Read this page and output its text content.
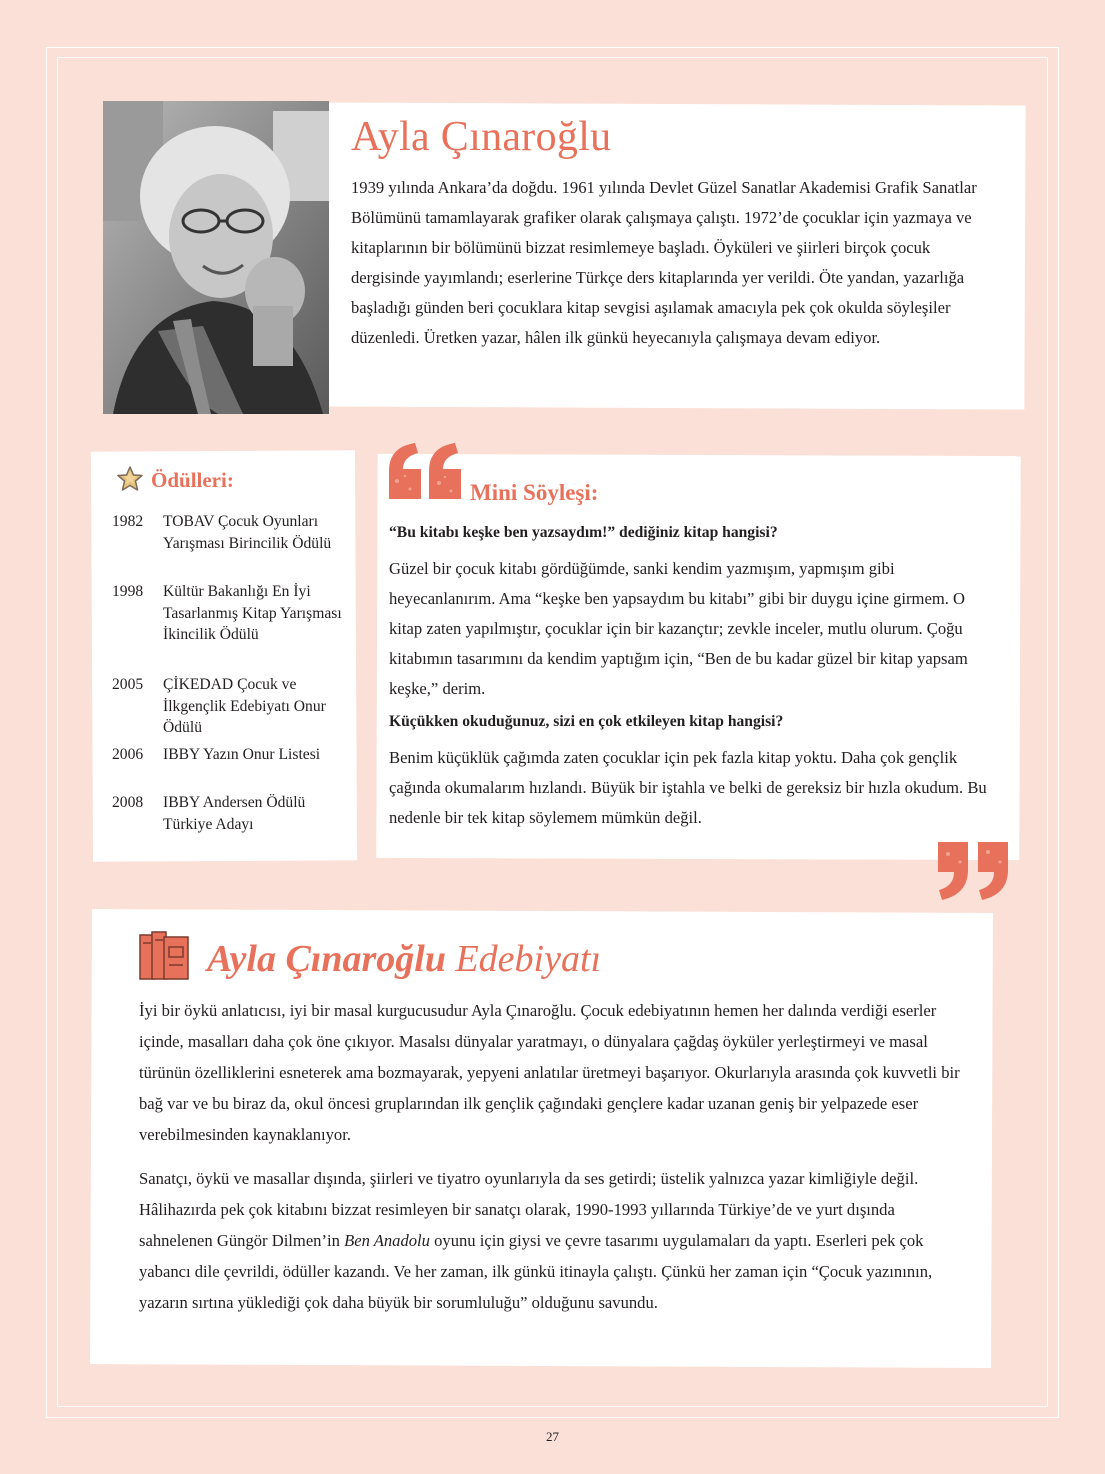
Ayla Çınaroğlu

1939 yılında Ankara’da doğdu. 1961 yılında Devlet Güzel Sanatlar Akademisi Grafik Sanatlar Bölümünü tamamlayarak grafiker olarak çalışmaya çalıştı. 1972’de çocuklar için yazmaya ve kitaplarının bir bölümünü bizzat resimlemeye başladı. Öyküleri ve şiirleri birçok çocuk dergisinde yayımlandı; eserlerine Türkçe ders kitaplarında yer verildi. Öte yandan, yazarlığa başladığı günden beri çocuklara kitap sevgisi aşılamak amacıyla pek çok okulda söyleşiler düzenledi. Üretken yazar, hâlen ilk günkü heyecanıyla çalışmaya devam ediyor.

Ödülleri:
1982	TOBAV Çocuk Oyunları Yarışması Birincilik Ödülü
1998	Kültür Bakanlığı En İyi Tasarlanmış Kitap Yarışması İkincilik Ödülü
2005	ÇİKEDAD Çocuk ve İlkgençlik Edebiyatı Onur Ödülü
2006	IBBY Yazın Onur Listesi
2008	IBBY Andersen Ödülü Türkiye Adayı
Mini Söyleşi:

“Bu kitabı keşke ben yazsaydım!” dediğiniz kitap hangisi?

Güzel bir çocuk kitabı gördüğümde, sanki kendim yazmışım, yapmışım gibi heyecanlanırım. Ama “keşke ben yapsaydım bu kitabı” gibi bir duygu içine girmem. O kitap zaten yapılmıştır, çocuklar için bir kazançtır; zevkle inceler, mutlu olurum. Çoğu kitabımın tasarımını da kendim yaptığım için, “Ben de bu kadar güzel bir kitap yapsam keşke,” derim.

Küçükken okuduğunuz, sizi en çok etkileyen kitap hangisi?

Benim küçüklük çağımda zaten çocuklar için pek fazla kitap yoktu. Daha çok gençlik çağında okumalarım hızlandı. Büyük bir iştahla ve belki de gereksiz bir hızla okudum. Bu nedenle bir tek kitap söylemem mümkün değil.

Ayla Çınaroğlu Edebiyatı

İyi bir öykü anlatıcısı, iyi bir masal kurgucusudur Ayla Çınaroğlu. Çocuk edebiyatının hemen her dalında verdiği eserler içinde, masalları daha çok öne çıkıyor. Masalsı dünyalar yaratmayı, o dünyalara çağdaş öyküler yerleştirmeyi ve masal türünün özelliklerini esneterek ama bozmayarak, yepyeni anlatılar üretmeyi başarıyor. Okurlarıyla arasında çok kuvvetli bir bağ var ve bu biraz da, okul öncesi gruplarından ilk gençlik çağındaki gençlere kadar uzanan geniş bir yelpazede eser verebilmesinden kaynaklanıyor.

Sanatçı, öykü ve masallar dışında, şiirleri ve tiyatro oyunlarıyla da ses getirdi; üstelik yalnızca yazar kimliğiyle değil. Hâlihazırda pek çok kitabını bizzat resimleyen bir sanatçı olarak, 1990-1993 yıllarında Türkiye’de ve yurt dışında sahnelenen Güngör Dilmen’in Ben Anadolu oyunu için giysi ve çevre tasarımı uygulamaları da yaptı. Eserleri pek çok yabancı dile çevrildi, ödüller kazandı. Ve her zaman, ilk günkü itinayla çalıştı. Çünkü her zaman için “Çocuk yazınının, yazarın sırtına yüklediği çok daha büyük bir sorumluluğu” olduğunu savundu.

27
